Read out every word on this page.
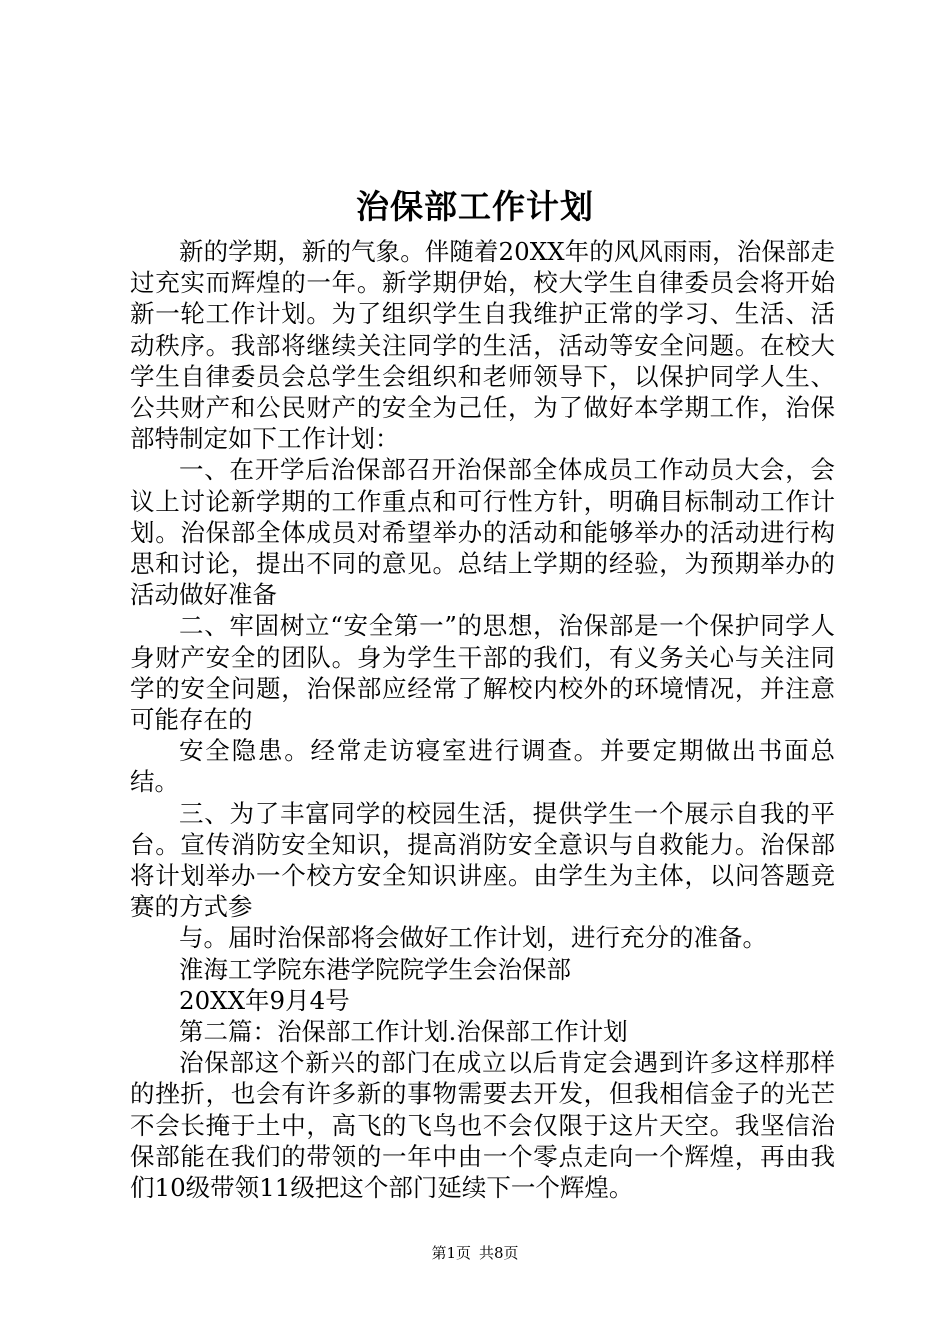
治保部工作计划

新的学期，新的气象。伴随着20XX年的风风雨雨，治保部走过充实而辉煌的一年。新学期伊始，校大学生自律委员会将开始新一轮工作计划。为了组织学生自我维护正常的学习、生活、活动秩序。我部将继续关注同学的生活，活动等安全问题。在校大学生自律委员会总学生会组织和老师领导下，以保护同学人生、公共财产和公民财产的安全为己任，为了做好本学期工作，治保部特制定如下工作计划：

一、在开学后治保部召开治保部全体成员工作动员大会，会议上讨论新学期的工作重点和可行性方针，明确目标制动工作计划。治保部全体成员对希望举办的活动和能够举办的活动进行构思和讨论，提出不同的意见。总结上学期的经验，为预期举办的活动做好准备

二、牢固树立“安全第一”的思想，治保部是一个保护同学人身财产安全的团队。身为学生干部的我们，有义务关心与关注同学的安全问题，治保部应经常了解校内校外的环境情况，并注意可能存在的

安全隐患。经常走访寝室进行调查。并要定期做出书面总结。

三、为了丰富同学的校园生活，提供学生一个展示自我的平台。宣传消防安全知识，提高消防安全意识与自救能力。治保部将计划举办一个校方安全知识讲座。由学生为主体，以问答题竞赛的方式参

与。届时治保部将会做好工作计划，进行充分的准备。

淮海工学院东港学院院学生会治保部

20XX年9月4号

第二篇：治保部工作计划.治保部工作计划

治保部这个新兴的部门在成立以后肯定会遇到许多这样那样的挫折，也会有许多新的事物需要去开发，但我相信金子的光芒不会长掩于土中，高飞的飞鸟也不会仅限于这片天空。我坚信治保部能在我们的带领的一年中由一个零点走向一个辉煌，再由我们10级带领11级把这个部门延续下一个辉煌。

第1页 共8页
